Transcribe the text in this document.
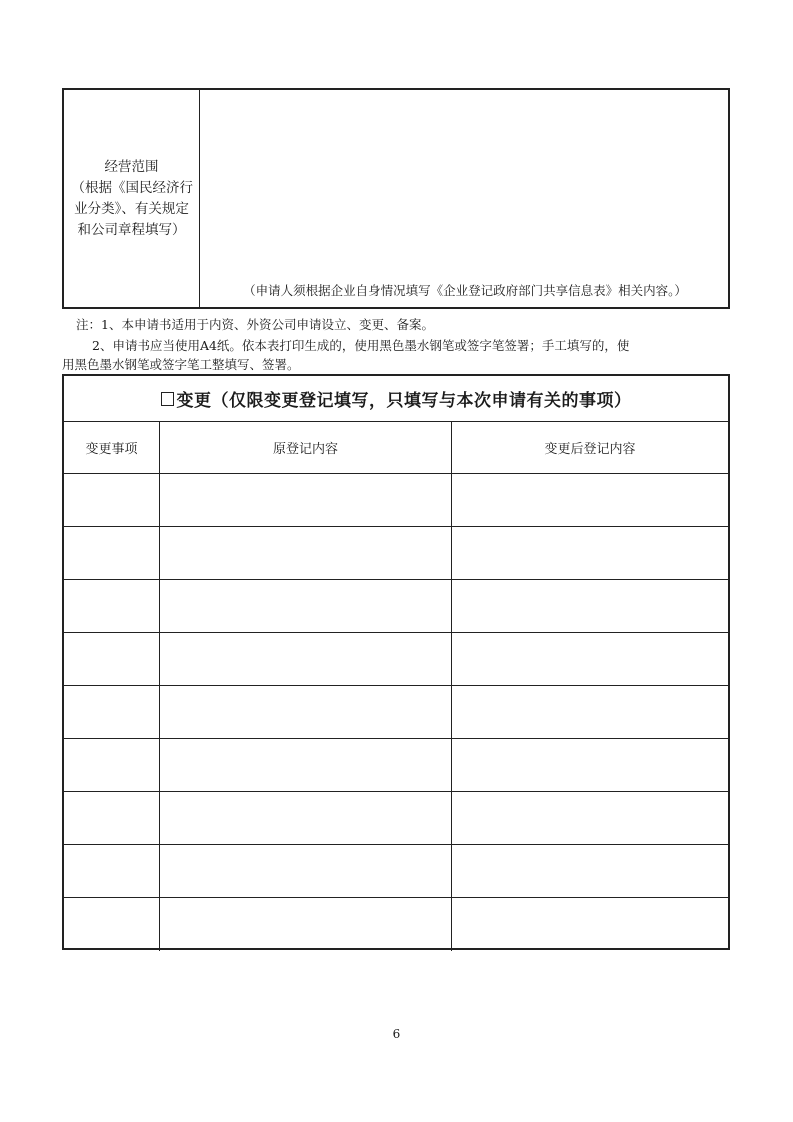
经营范围
（根据《国民经济行
业分类》、有关规定
和公司章程填写）
（申请人须根据企业自身情况填写《企业登记政府部门共享信息表》相关内容。）
注：1、本申请书适用于内资、外资公司申请设立、变更、备案。
2、申请书应当使用A4纸。依本表打印生成的，使用黑色墨水钢笔或签字笔签署；手工填写的，使
用黑色墨水钢笔或签字笔工整填写、签署。
变更（仅限变更登记填写，只填写与本次申请有关的事项）
变更事项	原登记内容	变更后登记内容
6
